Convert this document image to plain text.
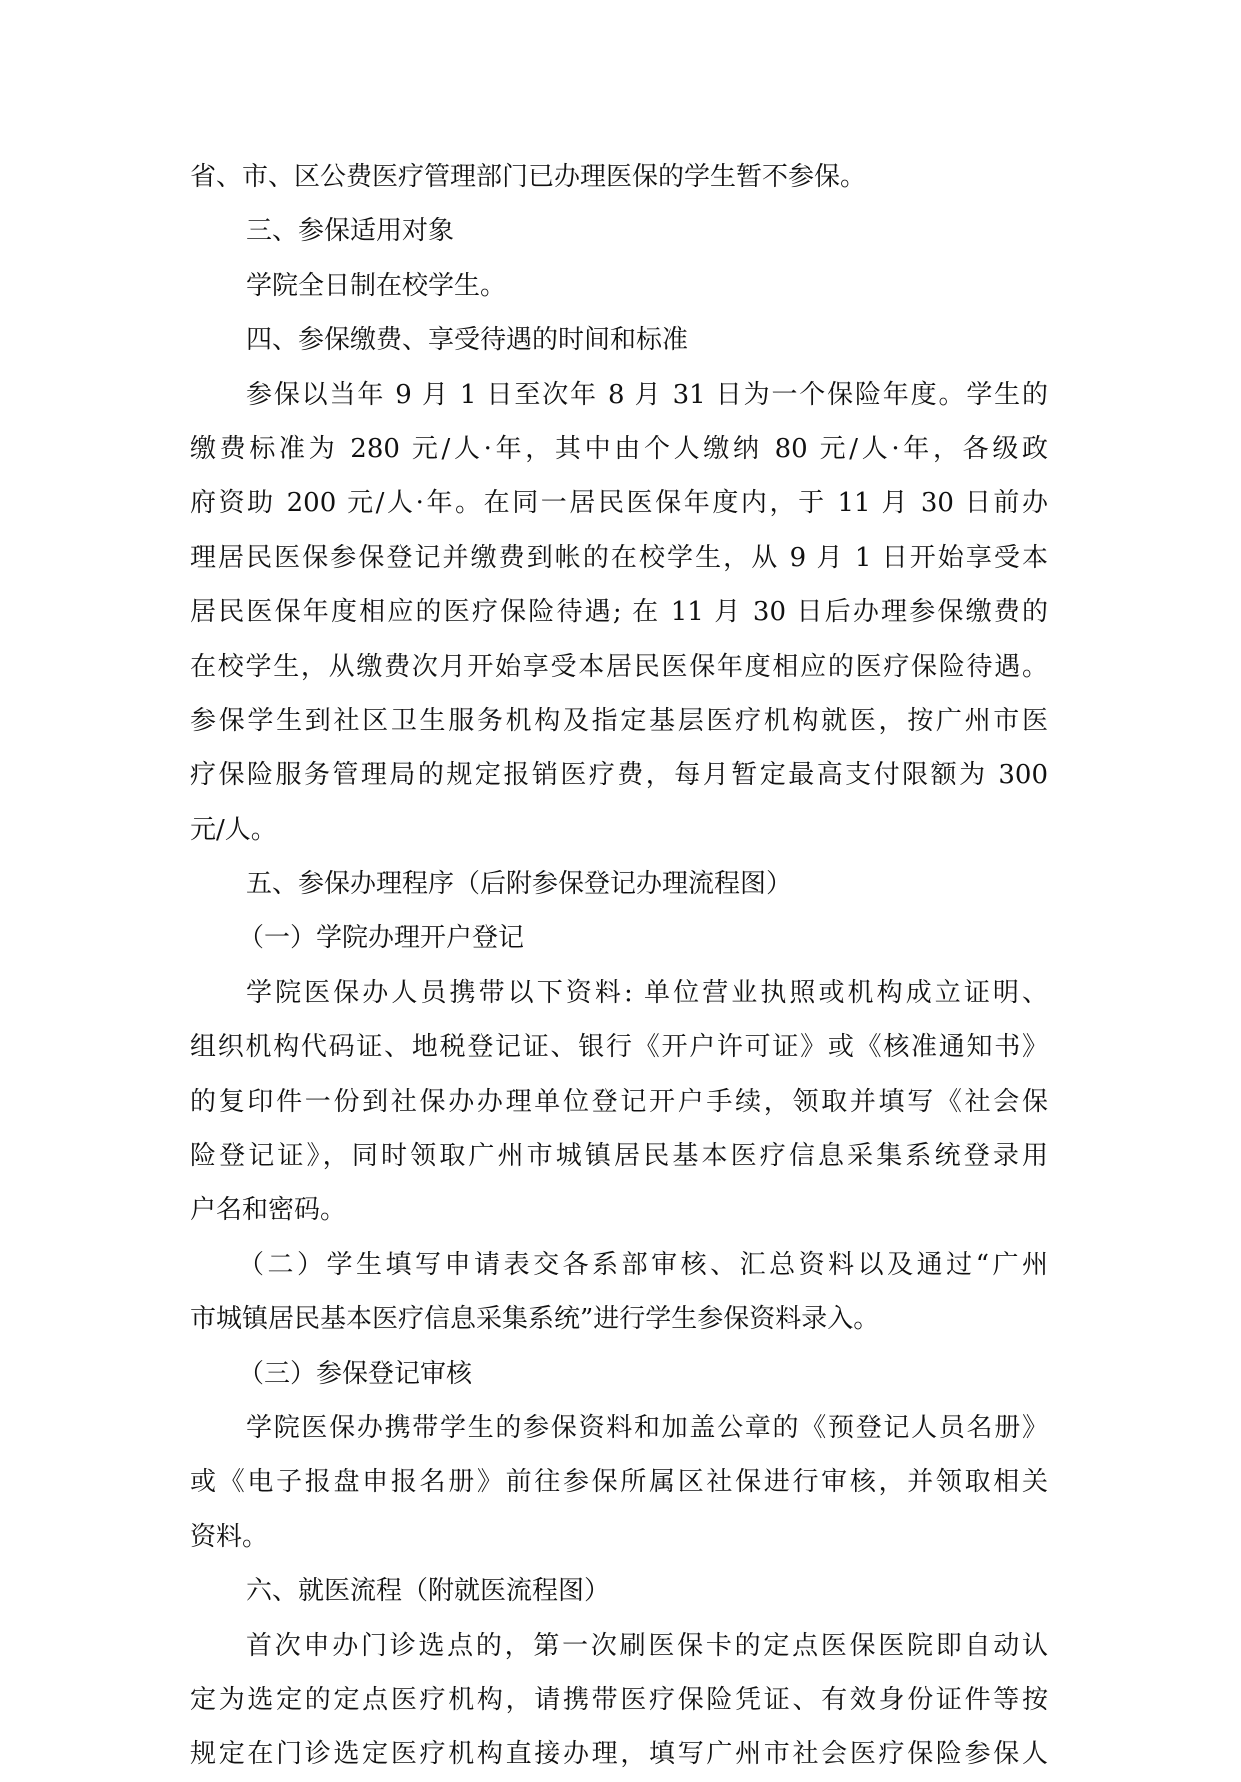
省、市、区公费医疗管理部门已办理医保的学生暂不参保。
三、参保适用对象
学院全日制在校学生。
四、参保缴费、享受待遇的时间和标准
参保以当年 9 月 1 日至次年 8 月 31 日为一个保险年度。学生的
缴费标准为 280 元/人·年，其中由个人缴纳 80 元/人·年，各级政
府资助 200 元/人·年。在同一居民医保年度内，于 11 月 30 日前办
理居民医保参保登记并缴费到帐的在校学生，从 9 月 1 日开始享受本
居民医保年度相应的医疗保险待遇; 在 11 月 30 日后办理参保缴费的
在校学生，从缴费次月开始享受本居民医保年度相应的医疗保险待遇。
参保学生到社区卫生服务机构及指定基层医疗机构就医，按广州市医
疗保险服务管理局的规定报销医疗费，每月暂定最高支付限额为 300
元/人。
五、参保办理程序（后附参保登记办理流程图）
（一）学院办理开户登记
学院医保办人员携带以下资料: 单位营业执照或机构成立证明、
组织机构代码证、地税登记证、银行《开户许可证》或《核准通知书》
的复印件一份到社保办办理单位登记开户手续，领取并填写《社会保
险登记证》，同时领取广州市城镇居民基本医疗信息采集系统登录用
户名和密码。
（二）学生填写申请表交各系部审核、汇总资料以及通过“广州
市城镇居民基本医疗信息采集系统”进行学生参保资料录入。
（三）参保登记审核
学院医保办携带学生的参保资料和加盖公章的《预登记人员名册》
或《电子报盘申报名册》前往参保所属区社保进行审核，并领取相关
资料。
六、就医流程（附就医流程图）
首次申办门诊选点的，第一次刷医保卡的定点医保医院即自动认
定为选定的定点医疗机构，请携带医疗保险凭证、有效身份证件等按
规定在门诊选定医疗机构直接办理，填写广州市社会医疗保险参保人
